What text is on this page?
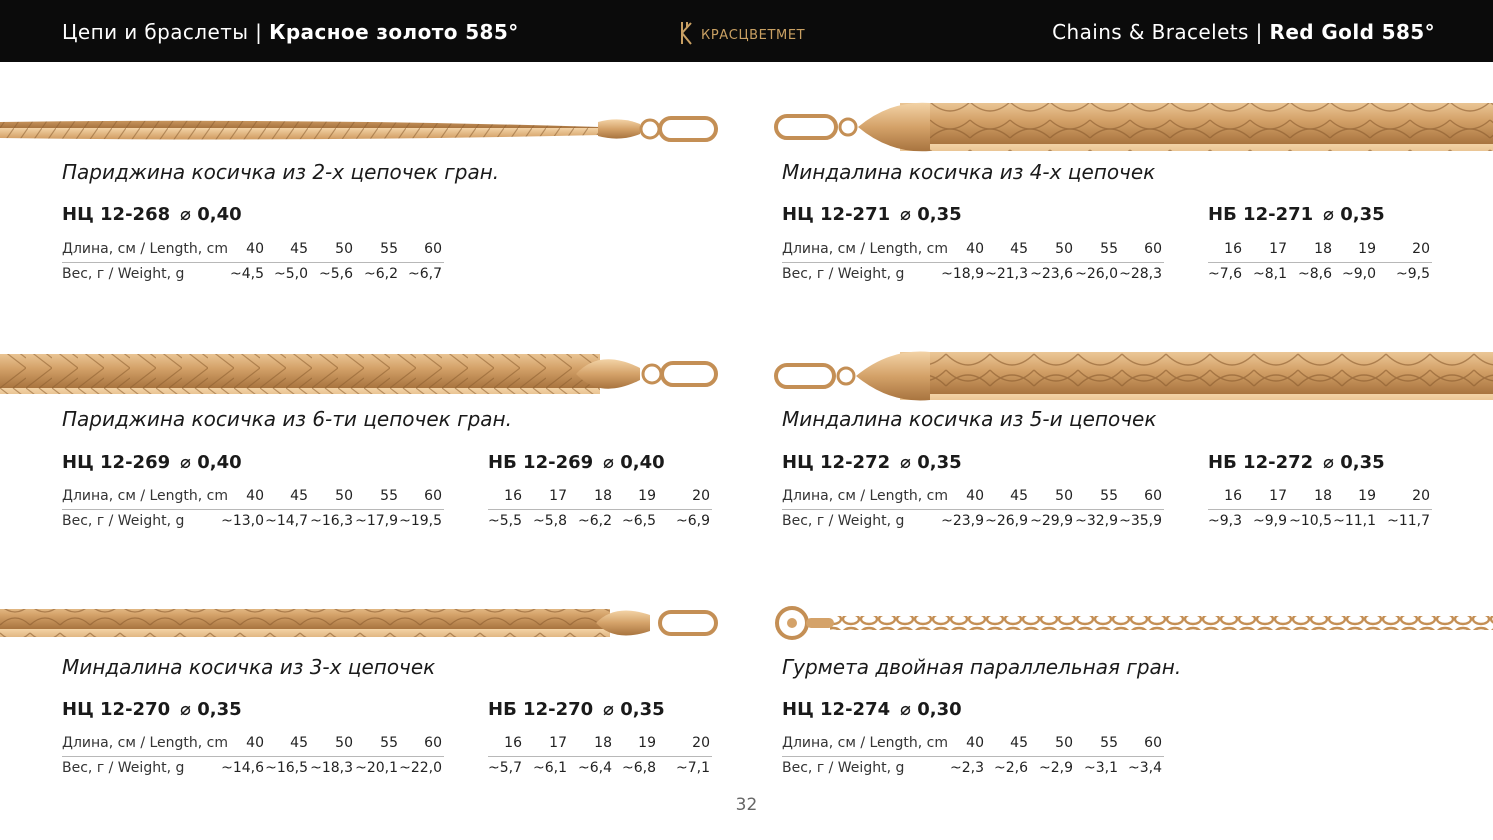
Цепи и браслеты | Красное золото 585°	КРАСЦВЕТМЕТ	Chains & Bracelets | Red Gold 585°
Париджина косичка из 2-х цепочек гран.
НЦ 12-268 ⌀ 0,40
Длина, см / Length, cm	40	45	50	55	60
Вес, г / Weight, g	~4,5 ~5,0 ~5,6 ~6,2 ~6,7
Миндалина косичка из 4-х цепочек
НЦ 12-271 ⌀ 0,35
Длина, см / Length, cm	40	45	50	55	60
Вес, г / Weight, g	~18,9 ~21,3 ~23,6 ~26,0 ~28,3
НБ 12-271 ⌀ 0,35
16	17	18	19	20
~7,6 ~8,1 ~8,6 ~9,0	~9,5
Париджина косичка из 6-ти цепочек гран.
НЦ 12-269 ⌀ 0,40
Длина, см / Length, cm	40	45	50	55	60
Вес, г / Weight, g	~13,0 ~14,7 ~16,3 ~17,9 ~19,5
НБ 12-269 ⌀ 0,40
16	17	18	19	20
~5,5 ~5,8 ~6,2 ~6,5	~6,9
Миндалина косичка из 5-и цепочек
НЦ 12-272 ⌀ 0,35
Длина, см / Length, cm	40	45	50	55	60
Вес, г / Weight, g	~23,9 ~26,9 ~29,9 ~32,9 ~35,9
НБ 12-272 ⌀ 0,35
16	17	18	19	20
~9,3 ~9,9 ~10,5 ~11,1 ~11,7
Миндалина косичка из 3-х цепочек
НЦ 12-270 ⌀ 0,35
Длина, см / Length, cm	40	45	50	55	60
Вес, г / Weight, g	~14,6 ~16,5 ~18,3 ~20,1 ~22,0
НБ 12-270 ⌀ 0,35
16	17	18	19	20
~5,7 ~6,1 ~6,4 ~6,8	~7,1
Гурмета двойная параллельная гран.
НЦ 12-274 ⌀ 0,30
Длина, см / Length, cm	40	45	50	55	60
Вес, г / Weight, g	~2,3 ~2,6 ~2,9 ~3,1 ~3,4
32
